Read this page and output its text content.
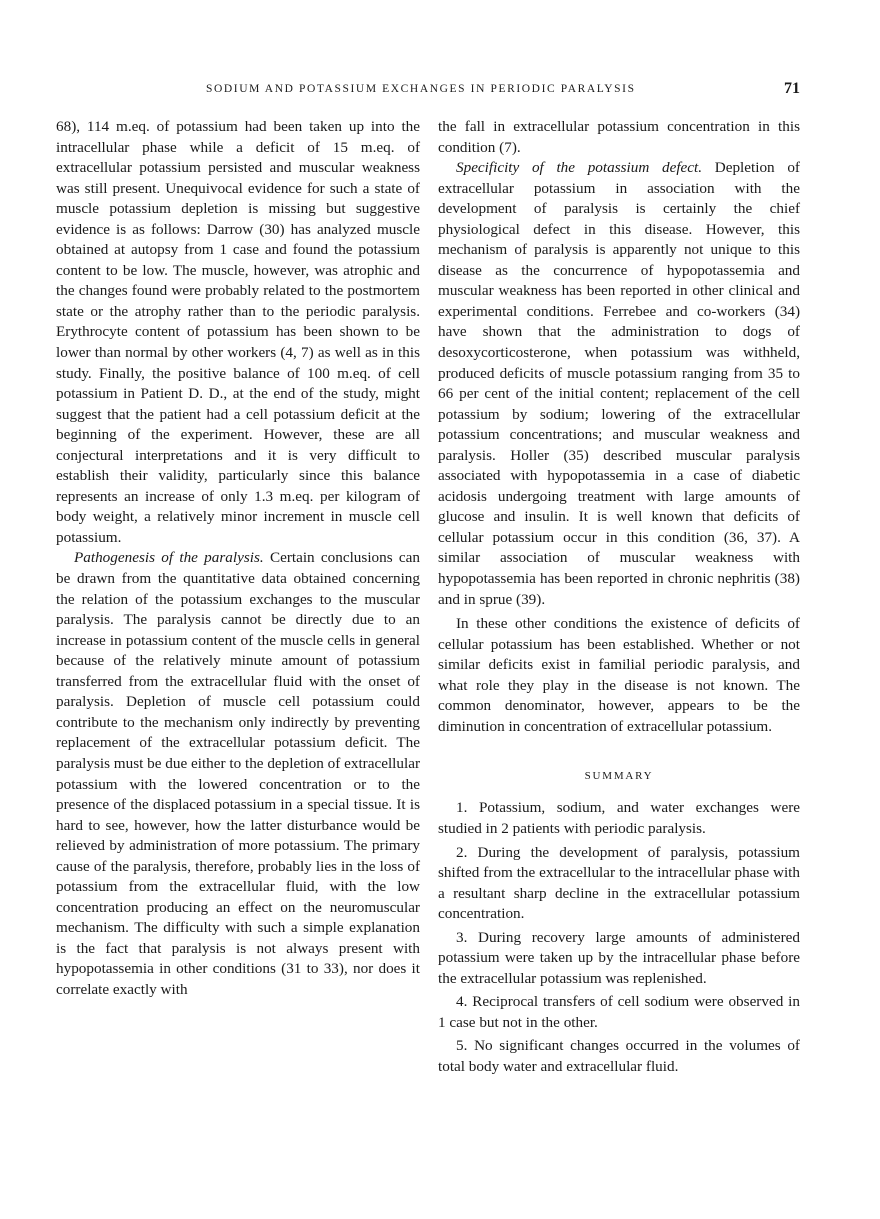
SODIUM AND POTASSIUM EXCHANGES IN PERIODIC PARALYSIS	71

68), 114 m.eq. of potassium had been taken up into the intracellular phase while a deficit of 15 m.eq. of extracellular potassium persisted and muscular weakness was still present. Unequivocal evidence for such a state of muscle potassium depletion is missing but suggestive evidence is as follows: Darrow (30) has analyzed muscle obtained at autopsy from 1 case and found the potassium content to be low. The muscle, however, was atrophic and the changes found were probably related to the postmortem state or the atrophy rather than to the periodic paralysis. Erythrocyte content of potassium has been shown to be lower than normal by other workers (4, 7) as well as in this study. Finally, the positive balance of 100 m.eq. of cell potassium in Patient D. D., at the end of the study, might suggest that the patient had a cell potassium deficit at the beginning of the experiment. However, these are all conjectural interpretations and it is very difficult to establish their validity, particularly since this balance represents an increase of only 1.3 m.eq. per kilogram of body weight, a relatively minor increment in muscle cell potassium.

Pathogenesis of the paralysis. Certain conclusions can be drawn from the quantitative data obtained concerning the relation of the potassium exchanges to the muscular paralysis. The paralysis cannot be directly due to an increase in potassium content of the muscle cells in general because of the relatively minute amount of potassium transferred from the extracellular fluid with the onset of paralysis. Depletion of muscle cell potassium could contribute to the mechanism only indirectly by preventing replacement of the extracellular potassium deficit. The paralysis must be due either to the depletion of extracellular potassium with the lowered concentration or to the presence of the displaced potassium in a special tissue. It is hard to see, however, how the latter disturbance would be relieved by administration of more potassium. The primary cause of the paralysis, therefore, probably lies in the loss of potassium from the extracellular fluid, with the low concentration producing an effect on the neuromuscular mechanism. The difficulty with such a simple explanation is the fact that paralysis is not always present with hypopotassemia in other conditions (31 to 33), nor does it correlate exactly with

the fall in extracellular potassium concentration in this condition (7).

Specificity of the potassium defect. Depletion of extracellular potassium in association with the development of paralysis is certainly the chief physiological defect in this disease. However, this mechanism of paralysis is apparently not unique to this disease as the concurrence of hypopotassemia and muscular weakness has been reported in other clinical and experimental conditions. Ferrebee and co-workers (34) have shown that the administration to dogs of desoxycorticosterone, when potassium was withheld, produced deficits of muscle potassium ranging from 35 to 66 per cent of the initial content; replacement of the cell potassium by sodium; lowering of the extracellular potassium concentrations; and muscular weakness and paralysis. Holler (35) described muscular paralysis associated with hypopotassemia in a case of diabetic acidosis undergoing treatment with large amounts of glucose and insulin. It is well known that deficits of cellular potassium occur in this condition (36, 37). A similar association of muscular weakness with hypopotassemia has been reported in chronic nephritis (38) and in sprue (39).

In these other conditions the existence of deficits of cellular potassium has been established. Whether or not similar deficits exist in familial periodic paralysis, and what role they play in the disease is not known. The common denominator, however, appears to be the diminution in concentration of extracellular potassium.

SUMMARY

1. Potassium, sodium, and water exchanges were studied in 2 patients with periodic paralysis.

2. During the development of paralysis, potassium shifted from the extracellular to the intracellular phase with a resultant sharp decline in the extracellular potassium concentration.

3. During recovery large amounts of administered potassium were taken up by the intracellular phase before the extracellular potassium was replenished.

4. Reciprocal transfers of cell sodium were observed in 1 case but not in the other.

5. No significant changes occurred in the volumes of total body water and extracellular fluid.
